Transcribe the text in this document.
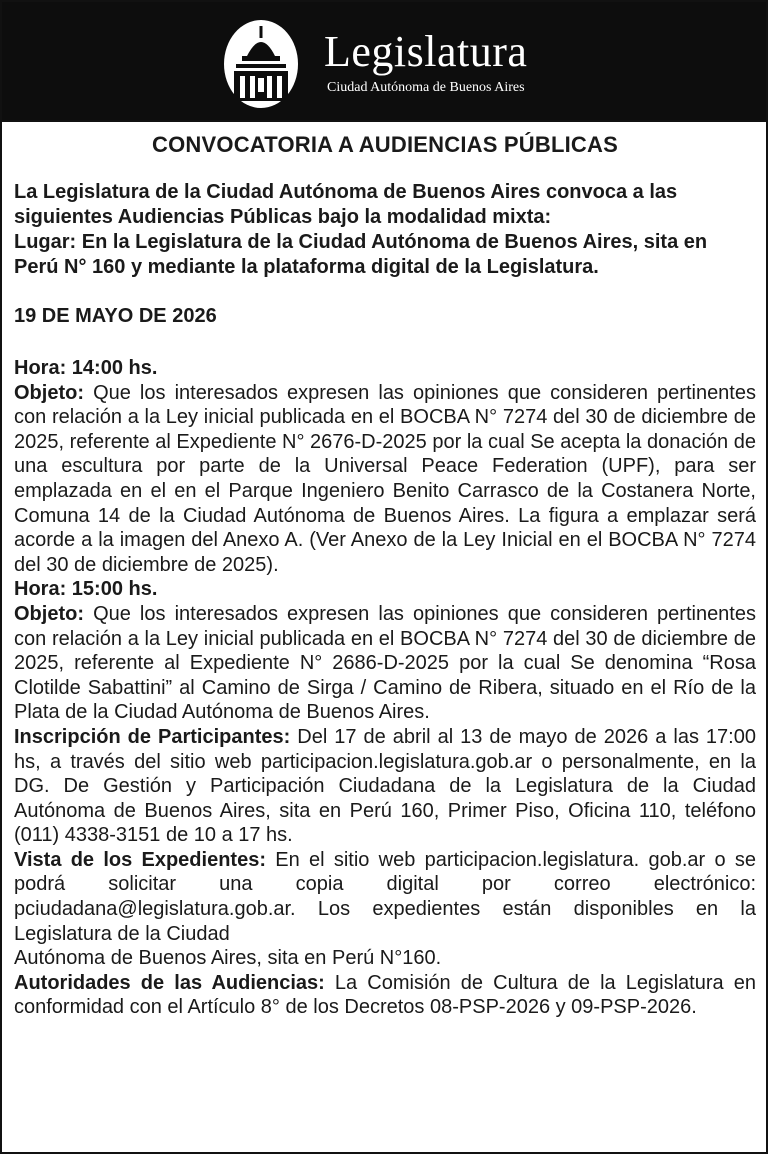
Legislatura
Ciudad Autónoma de Buenos Aires
CONVOCATORIA A AUDIENCIAS PÚBLICAS
La Legislatura de la Ciudad Autónoma de Buenos Aires convoca a las siguientes Audiencias Públicas bajo la modalidad mixta:
Lugar: En la Legislatura de la Ciudad Autónoma de Buenos Aires, sita en Perú N° 160 y mediante la plataforma digital de la Legislatura.
19 DE MAYO DE 2026
Hora: 14:00 hs.
Objeto: Que los interesados expresen las opiniones que consideren pertinentes con relación a la Ley inicial publicada en el BOCBA N° 7274 del 30 de diciembre de 2025, referente al Expediente N° 2676-D-2025 por la cual Se acepta la donación de una escultura por parte de la Universal Peace Federation (UPF), para ser emplazada en el en el Parque Ingeniero Benito Carrasco de la Costanera Norte, Comuna 14 de la Ciudad Autónoma de Buenos Aires. La figura a emplazar será acorde a la imagen del Anexo A. (Ver Anexo de la Ley Inicial en el BOCBA N° 7274 del 30 de diciembre de 2025).
Hora: 15:00 hs.
Objeto: Que los interesados expresen las opiniones que consideren pertinentes con relación a la Ley inicial publicada en el BOCBA N° 7274 del 30 de diciembre de 2025, referente al Expediente N° 2686-D-2025 por la cual Se denomina “Rosa Clotilde Sabattini” al Camino de Sirga / Camino de Ribera, situado en el Río de la Plata de la Ciudad Autónoma de Buenos Aires.
Inscripción de Participantes: Del 17 de abril al 13 de mayo de 2026 a las 17:00 hs, a través del sitio web participacion.legislatura.gob.ar o personalmente, en la DG. De Gestión y Participación Ciudadana de la Legislatura de la Ciudad Autónoma de Buenos Aires, sita en Perú 160, Primer Piso, Oficina 110, teléfono (011) 4338-3151 de 10 a 17 hs.
Vista de los Expedientes: En el sitio web participacion.legislatura. gob.ar o se podrá solicitar una copia digital por correo electrónico: pciudadana@legislatura.gob.ar. Los expedientes están disponibles en la Legislatura de la Ciudad
Autónoma de Buenos Aires, sita en Perú N°160.
Autoridades de las Audiencias: La Comisión de Cultura de la Legislatura en conformidad con el Artículo 8° de los Decretos 08-PSP-2026 y 09-PSP-2026.
